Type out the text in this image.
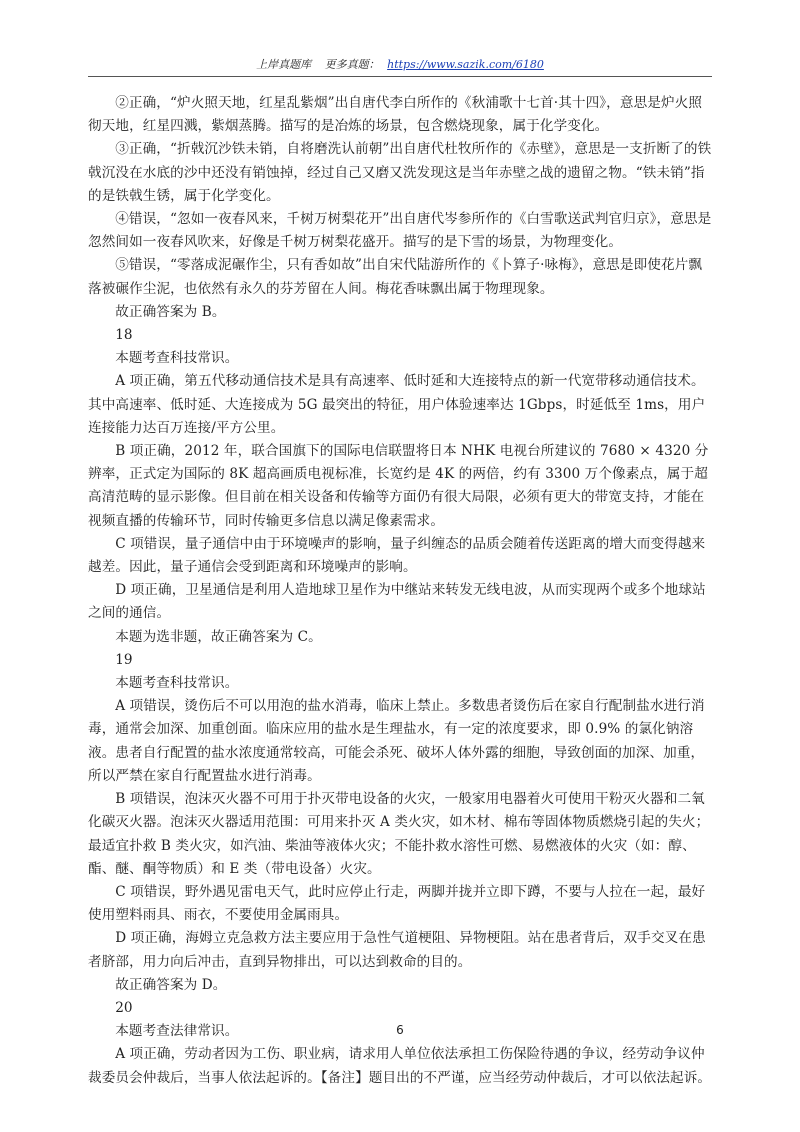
上岸真题库 更多真题： https://www.sazik.com/6180

②正确，“炉火照天地，红星乱紫烟”出自唐代李白所作的《秋浦歌十七首·其十四》，意思是炉火照彻天地，红星四溅，紫烟蒸腾。描写的是冶炼的场景，包含燃烧现象，属于化学变化。

③正确，“折戟沉沙铁未销，自将磨洗认前朝”出自唐代杜牧所作的《赤壁》，意思是一支折断了的铁戟沉没在水底的沙中还没有销蚀掉，经过自己又磨又洗发现这是当年赤壁之战的遗留之物。“铁未销”指的是铁戟生锈，属于化学变化。

④错误，“忽如一夜春风来，千树万树梨花开”出自唐代岑参所作的《白雪歌送武判官归京》，意思是忽然间如一夜春风吹来，好像是千树万树梨花盛开。描写的是下雪的场景，为物理变化。

⑤错误，“零落成泥碾作尘，只有香如故”出自宋代陆游所作的《卜算子·咏梅》，意思是即使花片飘落被碾作尘泥，也依然有永久的芬芳留在人间。梅花香味飘出属于物理现象。

故正确答案为 B。

18

本题考查科技常识。

A 项正确，第五代移动通信技术是具有高速率、低时延和大连接特点的新一代宽带移动通信技术。其中高速率、低时延、大连接成为 5G 最突出的特征，用户体验速率达 1Gbps，时延低至 1ms，用户连接能力达百万连接/平方公里。

B 项正确，2012 年，联合国旗下的国际电信联盟将日本 NHK 电视台所建议的 7680 × 4320 分辨率，正式定为国际的 8K 超高画质电视标准，长宽约是 4K 的两倍，约有 3300 万个像素点，属于超高清范畴的显示影像。但目前在相关设备和传输等方面仍有很大局限，必须有更大的带宽支持，才能在视频直播的传输环节，同时传输更多信息以满足像素需求。

C 项错误，量子通信中由于环境噪声的影响，量子纠缠态的品质会随着传送距离的增大而变得越来越差。因此，量子通信会受到距离和环境噪声的影响。

D 项正确，卫星通信是利用人造地球卫星作为中继站来转发无线电波，从而实现两个或多个地球站之间的通信。

本题为选非题，故正确答案为 C。

19

本题考查科技常识。

A 项错误，烫伤后不可以用泡的盐水消毒，临床上禁止。多数患者烫伤后在家自行配制盐水进行消毒，通常会加深、加重创面。临床应用的盐水是生理盐水，有一定的浓度要求，即 0.9% 的氯化钠溶液。患者自行配置的盐水浓度通常较高，可能会杀死、破坏人体外露的细胞，导致创面的加深、加重，所以严禁在家自行配置盐水进行消毒。

B 项错误，泡沫灭火器不可用于扑灭带电设备的火灾，一般家用电器着火可使用干粉灭火器和二氧化碳灭火器。泡沫灭火器适用范围：可用来扑灭 A 类火灾，如木材、棉布等固体物质燃烧引起的失火；最适宜扑救 B 类火灾，如汽油、柴油等液体火灾；不能扑救水溶性可燃、易燃液体的火灾（如：醇、酯、醚、酮等物质）和 E 类（带电设备）火灾。

C 项错误，野外遇见雷电天气，此时应停止行走，两脚并拢并立即下蹲，不要与人拉在一起，最好使用塑料雨具、雨衣，不要使用金属雨具。

D 项正确，海姆立克急救方法主要应用于急性气道梗阻、异物梗阻。站在患者背后，双手交叉在患者脐部，用力向后冲击，直到异物排出，可以达到救命的目的。

故正确答案为 D。

20

本题考查法律常识。

A 项正确，劳动者因为工伤、职业病，请求用人单位依法承担工伤保险待遇的争议，经劳动争议仲裁委员会仲裁后，当事人依法起诉的。【备注】题目出的不严谨，应当经劳动仲裁后，才可以依法起诉。

6
